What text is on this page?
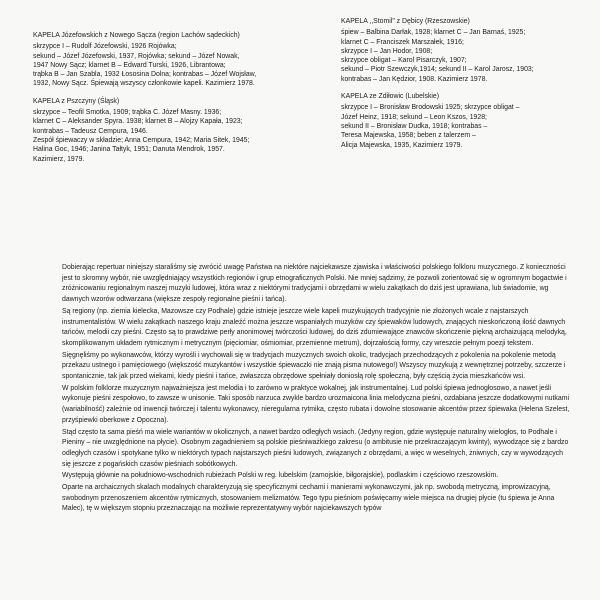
KAPELA Józefowskich z Nowego Sącza (region Lachów sądeckich)
skrzypce I – Rudolf Józefowski, 1926 Rojówka;
sekund – Józef Józefowski, 1937, Rojówka; sekund – Józef Nowak,
1947 Nowy Sącz; klarnet B – Edward Turski, 1926, Librantowa;
trąbka B – Jan Szabla, 1932 Łososina Dolna; kontrabas – Józef Wojsław,
1932, Nowy Sącz. Śpiewają wszyscy członkowie kapeli. Kazimierz 1978.
KAPELA z Pszczyny (Śląsk)
skrzypce – Teofil Smotka, 1909; trąbka C. Józef Masny. 1936;
klarnet C – Aleksander Spyra. 1938; klarnet B – Alojzy Kapała, 1923;
kontrabas – Tadeusz Cempura, 1946.
Zespół śpiewaczy w składzie; Anna Cempura, 1942; Maria Sitek, 1945;
Halina Goc, 1946; Janina Tałtyk, 1951; Danuta Mendrok, 1957.
Kazimierz, 1979.
KAPELA ,,Stomil" z Dębicy (Rzeszowskie)
śpiew – Balbina Darłak, 1928; klarnet C – Jan Barnaś, 1925;
klarnet C – Franciszek Marszałek, 1916;
skrzypce I – Jan Hodor, 1908;
skrzypce obligat – Karol Pisarczyk, 1907;
sekund – Piotr Szewczyk,1914; sekund II – Karol Jarosz, 1903;
kontrabas – Jan Kędzior, 1908. Kazimierz 1978.
KAPELA ze Zdiłowic (Lubelskie)
skrzypce I – Bronisław Brodowski 1925; skrzypce obligat –
Józef Heinz, 1918; sekund – Leon Kszos, 1928;
sekund II – Bronisław Dudka, 1918; kontrabas –
Teresa Majewska, 1958; beben z talerzem –
Alicja Majewska, 1935, Kazimierz 1979.

Dobierając repertuar niniejszy staraliśmy się zwrócić uwagę Państwa na niektóre najciekawsze zjawiska i właściwości polskiego folkloru muzycznego. Z konieczności jest to skromny wybór, nie uwzględniający wszystkich regionów i grup etnograficznych Polski. Nie mniej sądzimy, że pozwoli zorientować się w ogromnym bogactwie i zróżnicowaniu regionalnym naszej muzyki ludowej, która wraz z niektórymi tradycjami i obrzędami w wielu zakątkach do dziś jest uprawiana, lub świadomie, wg dawnych wzorów odtwarzana (większe zespoły regionalne pieśni i tańca).

Są regiony (np. ziemia kielecka, Mazowsze czy Podhale) gdzie istnieje jeszcze wiele kapeli muzykujących tradycyjnie nie złożonych wcale z najstarszych instrumentalistów. W wielu zakątkach naszego kraju znaleźć można jeszcze wspaniałych muzyków czy śpiewaków ludowych, znających nieskończoną ilość dawnych tańców, melodii czy pieśni. Często są to prawdziwe perły anonimowej twórczości ludowej, do dziś zdumiewające znawców skończenie piękną archaizującą melodyką, skomplikowanym układem rytmicznym i metrycznym (pięciomiar, ośmiomiar, przemienne metrum), dojrzałością formy, czy wreszcie pełnym poezji tekstem.

Sięgnęliśmy po wykonawców, którzy wyrośli i wychowali się w tradycjach muzycznych swoich okolic, tradycjach przechodzących z pokolenia na pokolenie metodą przekazu ustnego i pamięciowego (większość muzykantów i wszystkie śpiewaczki nie znają pisma nutowego!) Wszyscy muzykują z wewnętrznej potrzeby, szczerze i spontanicznie, tak jak przed wiekami, kiedy pieśni i tańce, zwłaszcza obrzędowe spełniały doniosłą rolę społeczną, były częścią życia mieszkańców wsi.

W polskim folklorze muzycznym najważniejsza jest melodia i to zarówno w praktyce wokalnej, jak instrumentalnej. Lud polski śpiewa jednogłosowo, a nawet jeśli wykonuje pieśni zespołowo, to zawsze w unisonie. Taki sposób narzuca zwykle bardzo urozmaicona linia melodyczna pieśni, ozdabiana jeszcze dodatkowymi nutkami (wariabilność) zależnie od inwencji twórczej i talentu wykonawcy, nieregularna rytmika, często rubata i dowolne stosowanie akcentów przez śpiewaka (Helena Szelest, przyśpiewki oberkowe z Opoczna).

Stąd często ta sama pieśń ma wiele wariantów w okolicznych, a nawet bardzo odległych wsiach. (Jedyny region, gdzie występuje naturalny wielogłos, to Podhale i Pieniny – nie uwzględnione na płycie). Osobnym zagadnieniem są polskie pieśniważkiego zakresu (o ambitusie nie przekraczającym kwinty), wywodzące się z bardzo odległych czasów i spotykane tylko w niektórych typach najstarszych pieśni ludowych, związanych z obrzędami, a więc w weselnych, żniwnych, czy w wywodzących się jeszcze z pogańskich czasów pieśniach sobótkowych.

Występują głównie na południowo-wschodnich rubieżach Polski w reg. lubelskim (zamojskie, biłgorajskie), podlaskim i częściowo rzeszowskim.

Oparte na archaicznych skalach modalnych charakteryzują się specyficznymi cechami i manierami wykonawczymi, jak np. swobodą metryczną, improwizacyjną, swobodnym przenoszeniem akcentów rytmicznych, stosowaniem melizmatów. Tego typu pieśniom poświęcamy wiele miejsca na drugiej płycie (tu śpiewa je Anna Malec), tę w większym stopniu przeznaczając na możliwie reprezentatywny wybór najciekawszych typów
